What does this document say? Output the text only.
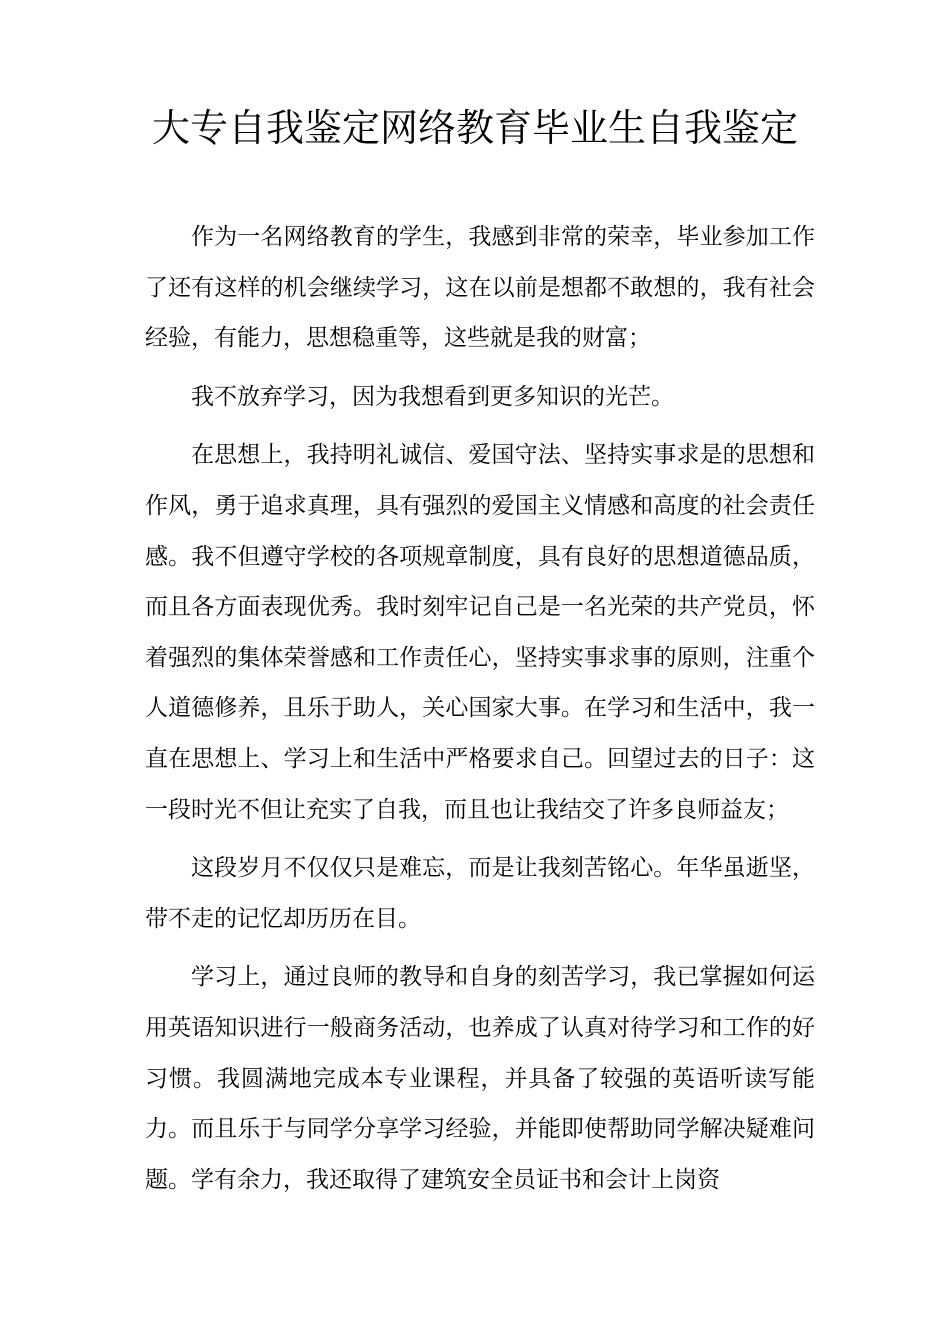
大专自我鉴定网络教育毕业生自我鉴定

作为一名网络教育的学生，我感到非常的荣幸，毕业参加工作了还有这样的机会继续学习，这在以前是想都不敢想的，我有社会经验，有能力，思想稳重等，这些就是我的财富；

我不放弃学习，因为我想看到更多知识的光芒。

在思想上，我持明礼诚信、爱国守法、坚持实事求是的思想和作风，勇于追求真理，具有强烈的爱国主义情感和高度的社会责任感。我不但遵守学校的各项规章制度，具有良好的思想道德品质，而且各方面表现优秀。我时刻牢记自己是一名光荣的共产党员，怀着强烈的集体荣誉感和工作责任心，坚持实事求事的原则，注重个人道德修养，且乐于助人，关心国家大事。在学习和生活中，我一直在思想上、学习上和生活中严格要求自己。回望过去的日子：这一段时光不但让充实了自我，而且也让我结交了许多良师益友；

这段岁月不仅仅只是难忘，而是让我刻苦铭心。年华虽逝坚，带不走的记忆却历历在目。

学习上，通过良师的教导和自身的刻苦学习，我已掌握如何运用英语知识进行一般商务活动，也养成了认真对待学习和工作的好习惯。我圆满地完成本专业课程，并具备了较强的英语听读写能力。而且乐于与同学分享学习经验，并能即使帮助同学解决疑难问题。学有余力，我还取得了建筑安全员证书和会计上岗资
